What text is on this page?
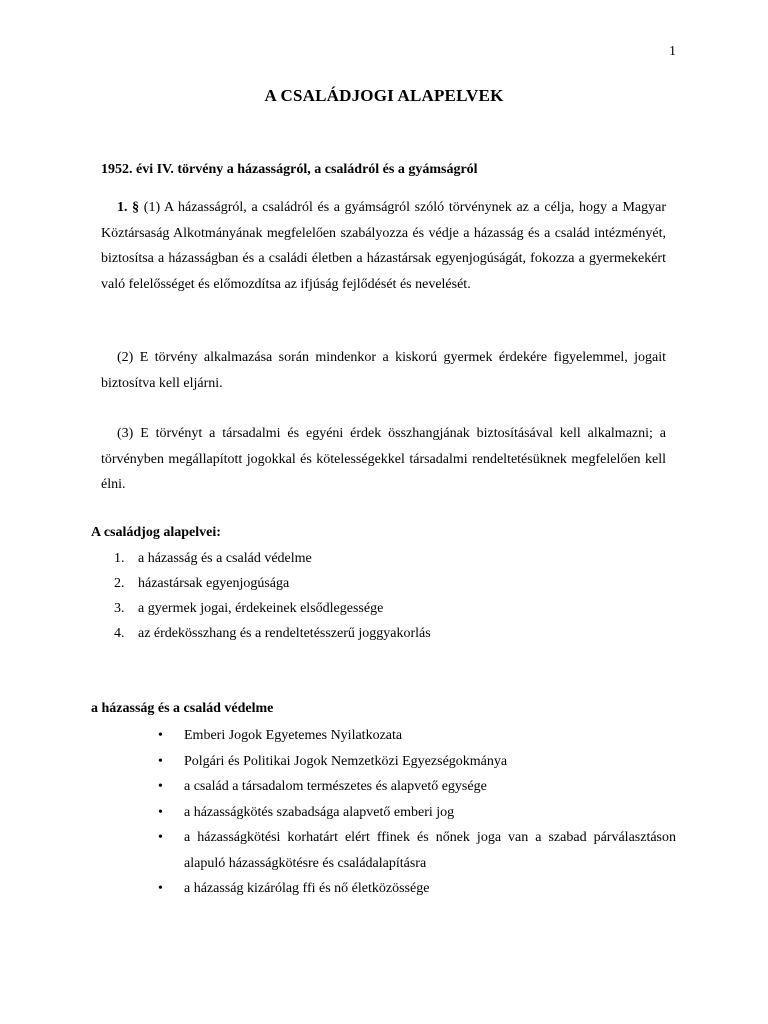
1
A CSALÁDJOGI ALAPELVEK
1952. évi IV. törvény a házasságról, a családról és a gyámságról
1. § (1) A házasságról, a családról és a gyámságról szóló törvénynek az a célja, hogy a Magyar Köztársaság Alkotmányának megfelelően szabályozza és védje a házasság és a család intézményét, biztosítsa a házasságban és a családi életben a házastársak egyenjogúságát, fokozza a gyermekekért való felelősséget és előmozdítsa az ifjúság fejlődését és nevelését.
(2) E törvény alkalmazása során mindenkor a kiskorú gyermek érdekére figyelemmel, jogait biztosítva kell eljárni.
(3) E törvényt a társadalmi és egyéni érdek összhangjának biztosításával kell alkalmazni; a törvényben megállapított jogokkal és kötelességekkel társadalmi rendeltetésüknek megfelelően kell élni.
A családjog alapelvei:
1. a házasság és a család védelme
2. házastársak egyenjogúsága
3. a gyermek jogai, érdekeinek elsődlegessége
4. az érdekösszhang és a rendeltetésszerű joggyakorlás
a házasság és a család védelme
• Emberi Jogok Egyetemes Nyilatkozata
• Polgári és Politikai Jogok Nemzetközi Egyezségokmánya
• a család a társadalom természetes és alapvető egysége
• a házasságkötés szabadsága alapvető emberi jog
• a házasságkötési korhatárt elért ffinek és nőnek joga van a szabad párválasztáson alapuló házasságkötésre és családalapításra
• a házasság kizárólag ffi és nő életközössége
